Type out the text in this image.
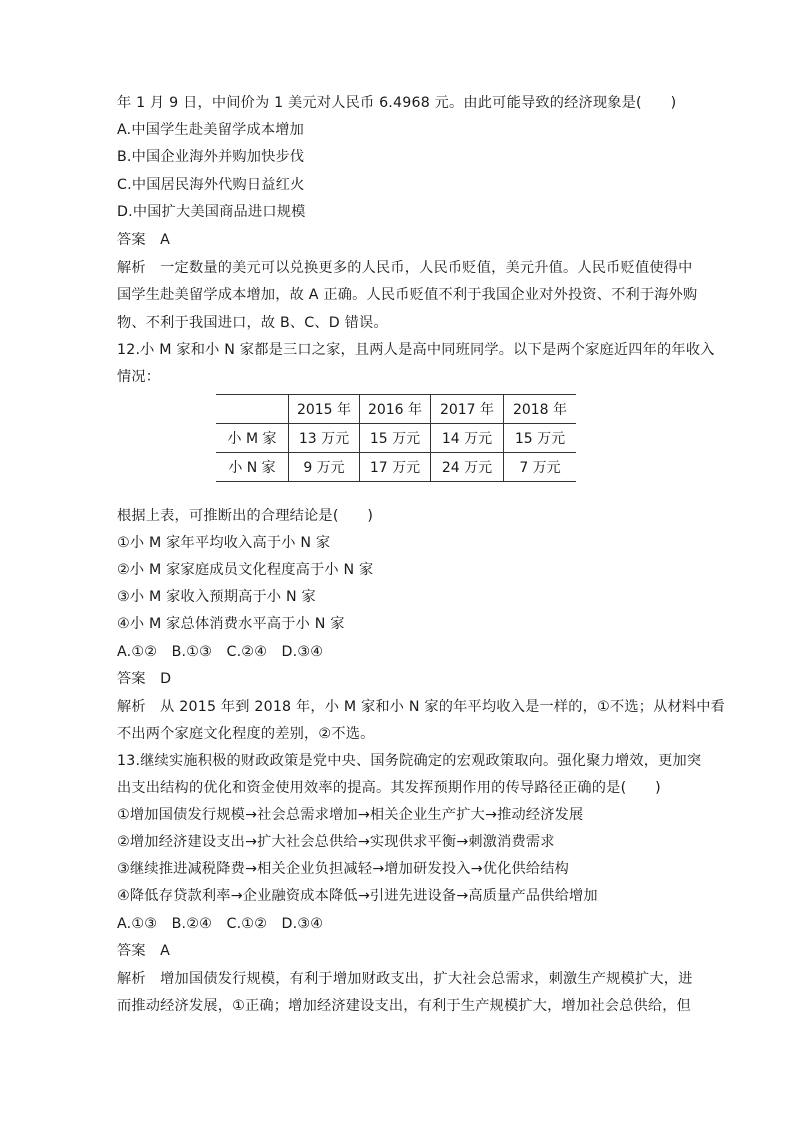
年 1 月 9 日，中间价为 1 美元对人民币 6.4968 元。由此可能导致的经济现象是(　　)
A.中国学生赴美留学成本增加
B.中国企业海外并购加快步伐
C.中国居民海外代购日益红火
D.中国扩大美国商品进口规模
答案　A
解析　一定数量的美元可以兑换更多的人民币，人民币贬值，美元升值。人民币贬值使得中
国学生赴美留学成本增加，故 A 正确。人民币贬值不利于我国企业对外投资、不利于海外购
物、不利于我国进口，故 B、C、D 错误。
12.小 M 家和小 N 家都是三口之家，且两人是高中同班同学。以下是两个家庭近四年的年收入
情况：
	2015 年	2016 年	2017 年	2018 年
小 M 家	13 万元	15 万元	14 万元	15 万元
小 N 家	9 万元	17 万元	24 万元	7 万元
根据上表，可推断出的合理结论是(　　)
①小 M 家年平均收入高于小 N 家
②小 M 家家庭成员文化程度高于小 N 家
③小 M 家收入预期高于小 N 家
④小 M 家总体消费水平高于小 N 家
A.①②　B.①③　C.②④　D.③④
答案　D
解析　从 2015 年到 2018 年，小 M 家和小 N 家的年平均收入是一样的，①不选；从材料中看
不出两个家庭文化程度的差别，②不选。
13.继续实施积极的财政政策是党中央、国务院确定的宏观政策取向。强化聚力增效，更加突
出支出结构的优化和资金使用效率的提高。其发挥预期作用的传导路径正确的是(　　)
①增加国债发行规模→社会总需求增加→相关企业生产扩大→推动经济发展
②增加经济建设支出→扩大社会总供给→实现供求平衡→刺激消费需求
③继续推进减税降费→相关企业负担减轻→增加研发投入→优化供给结构
④降低存贷款利率→企业融资成本降低→引进先进设备→高质量产品供给增加
A.①③　B.②④　C.①②　D.③④
答案　A
解析　增加国债发行规模，有利于增加财政支出，扩大社会总需求，刺激生产规模扩大，进
而推动经济发展，①正确；增加经济建设支出，有利于生产规模扩大，增加社会总供给，但
